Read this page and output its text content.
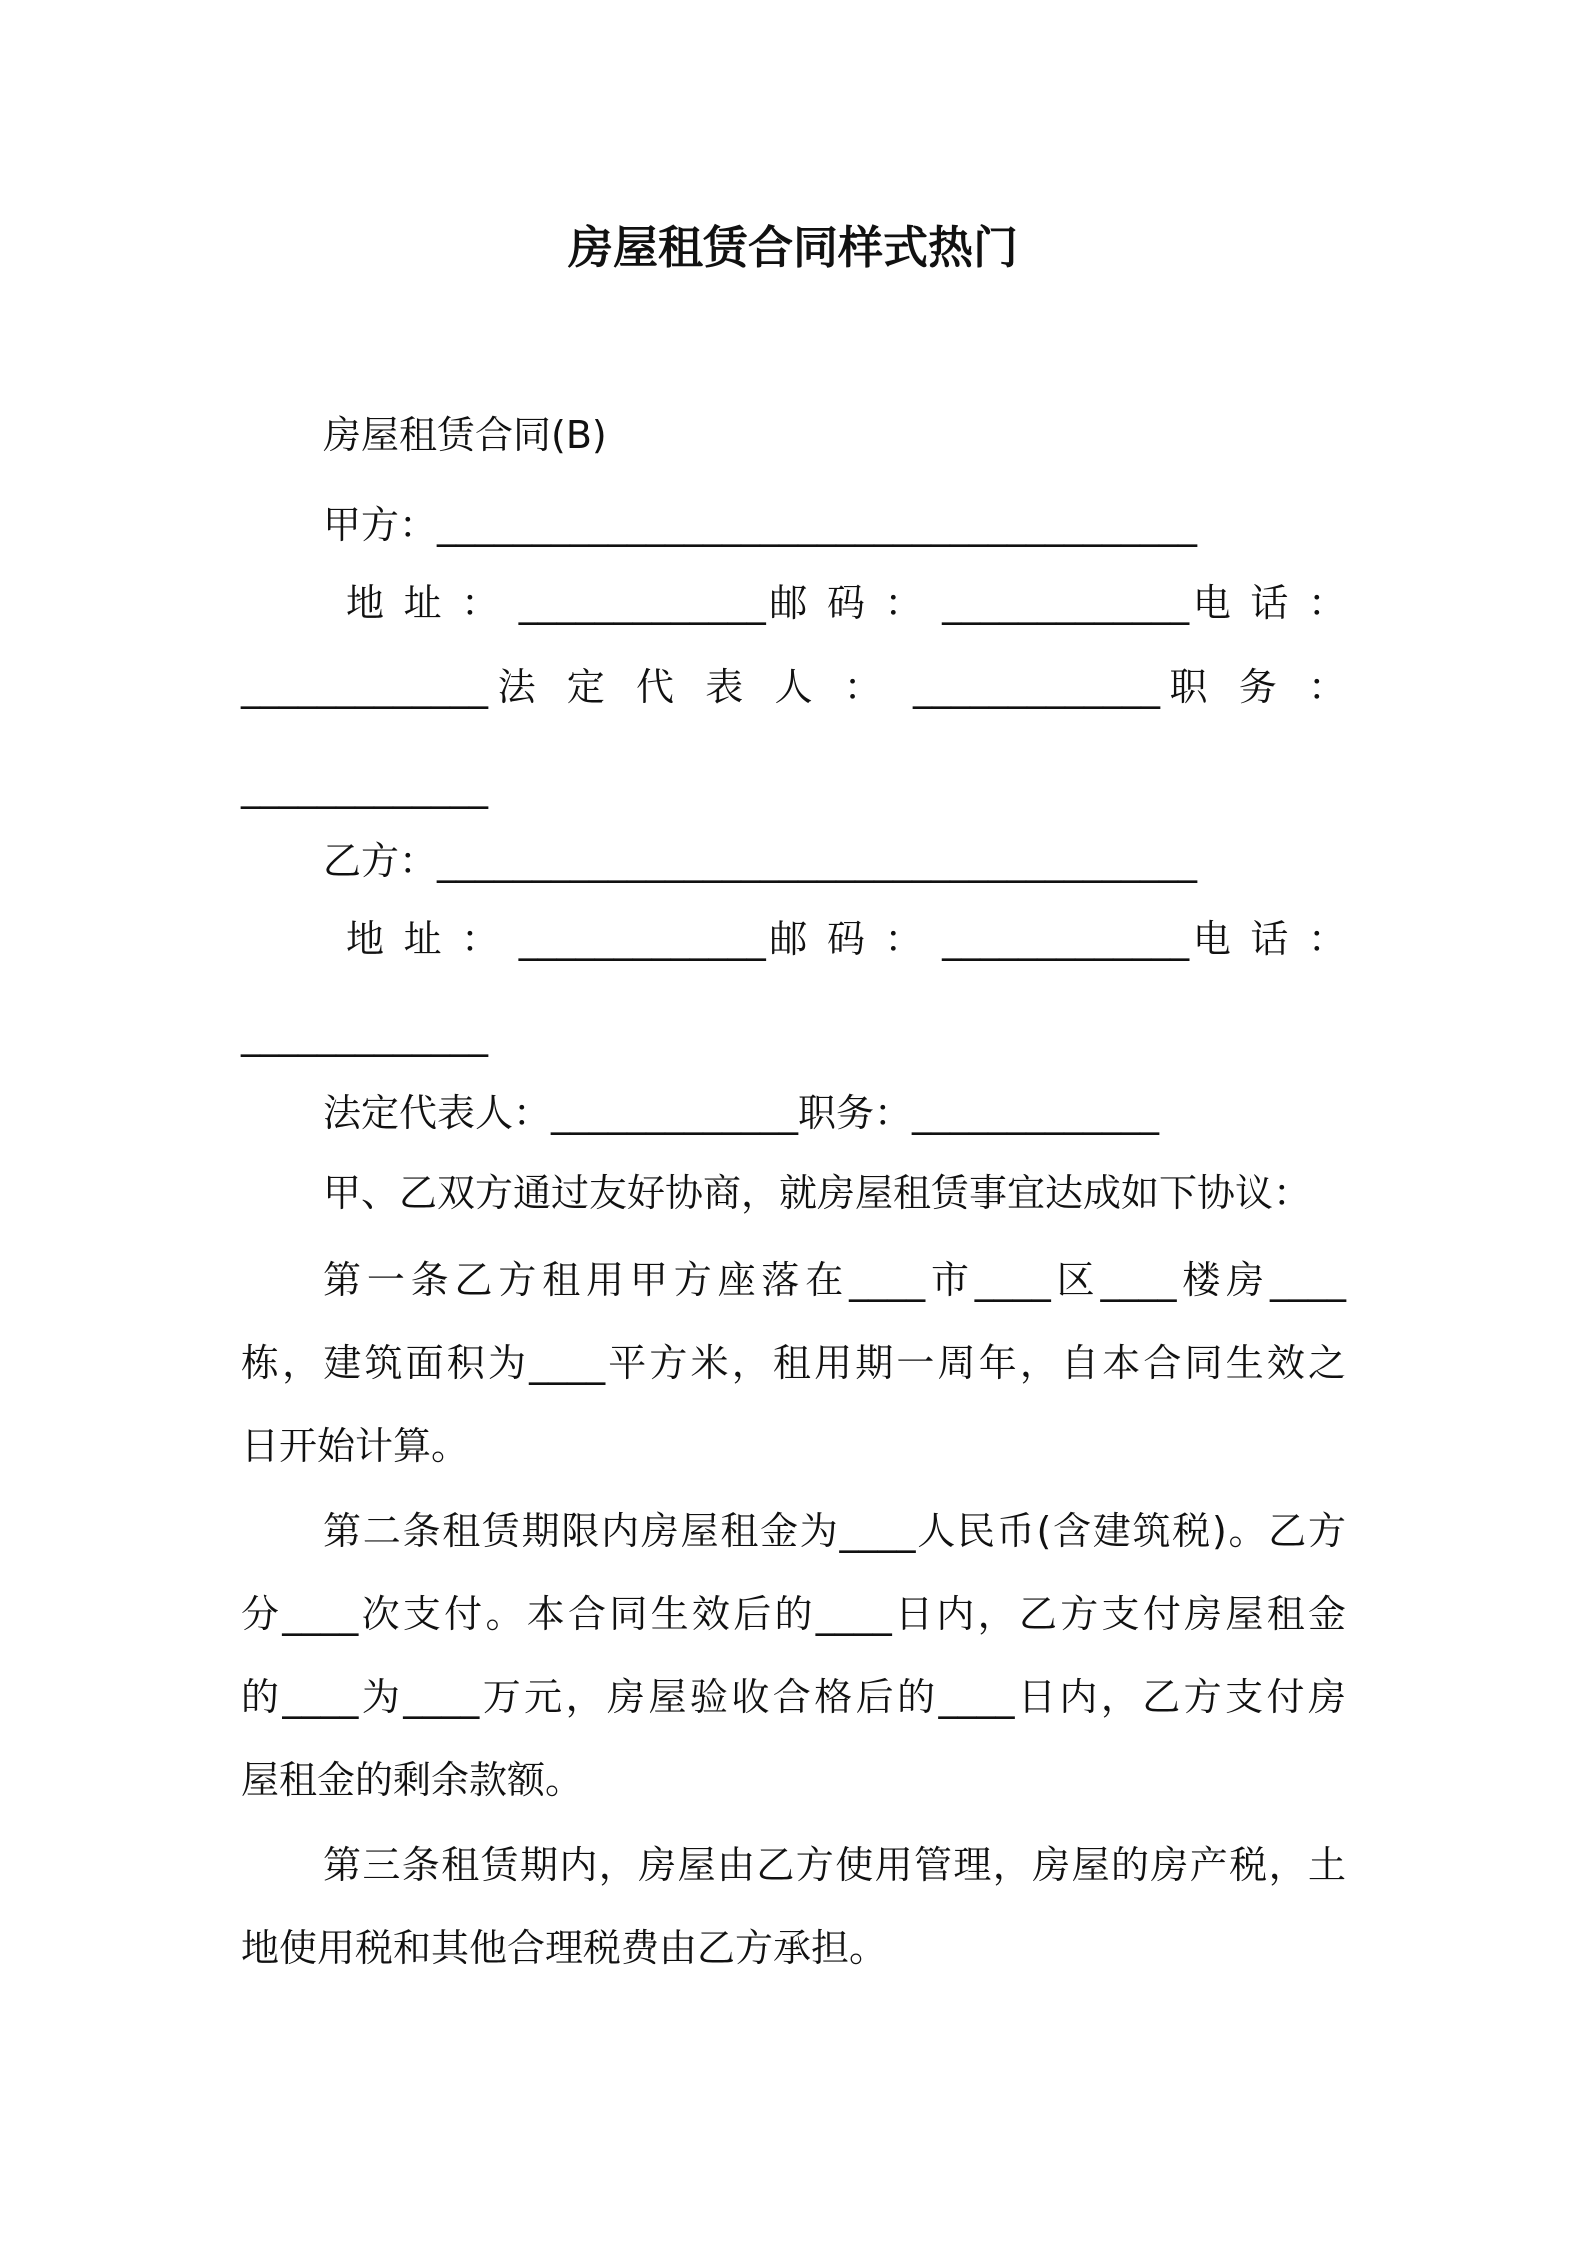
房屋租赁合同样式热门

房屋租赁合同(B)

甲方：________________________________________

地 址 ： _____________邮 码 ： _____________电 话 ：

_____________法 定 代 表 人 ： _____________职 务 ：

_____________

乙方：________________________________________

地 址 ： _____________邮 码 ： _____________电 话 ：

_____________

法定代表人：_____________职务：_____________

甲、乙双方通过友好协商，就房屋租赁事宜达成如下协议：

第一条乙方租用甲方座落在____市____区____楼房____

栋，建筑面积为____平方米，租用期一周年，自本合同生效之

日开始计算。

第二条租赁期限内房屋租金为____人民币(含建筑税)。乙方

分____次支付。本合同生效后的____日内，乙方支付房屋租金

的____为____万元，房屋验收合格后的____日内，乙方支付房

屋租金的剩余款额。

第三条租赁期内，房屋由乙方使用管理，房屋的房产税，土

地使用税和其他合理税费由乙方承担。
